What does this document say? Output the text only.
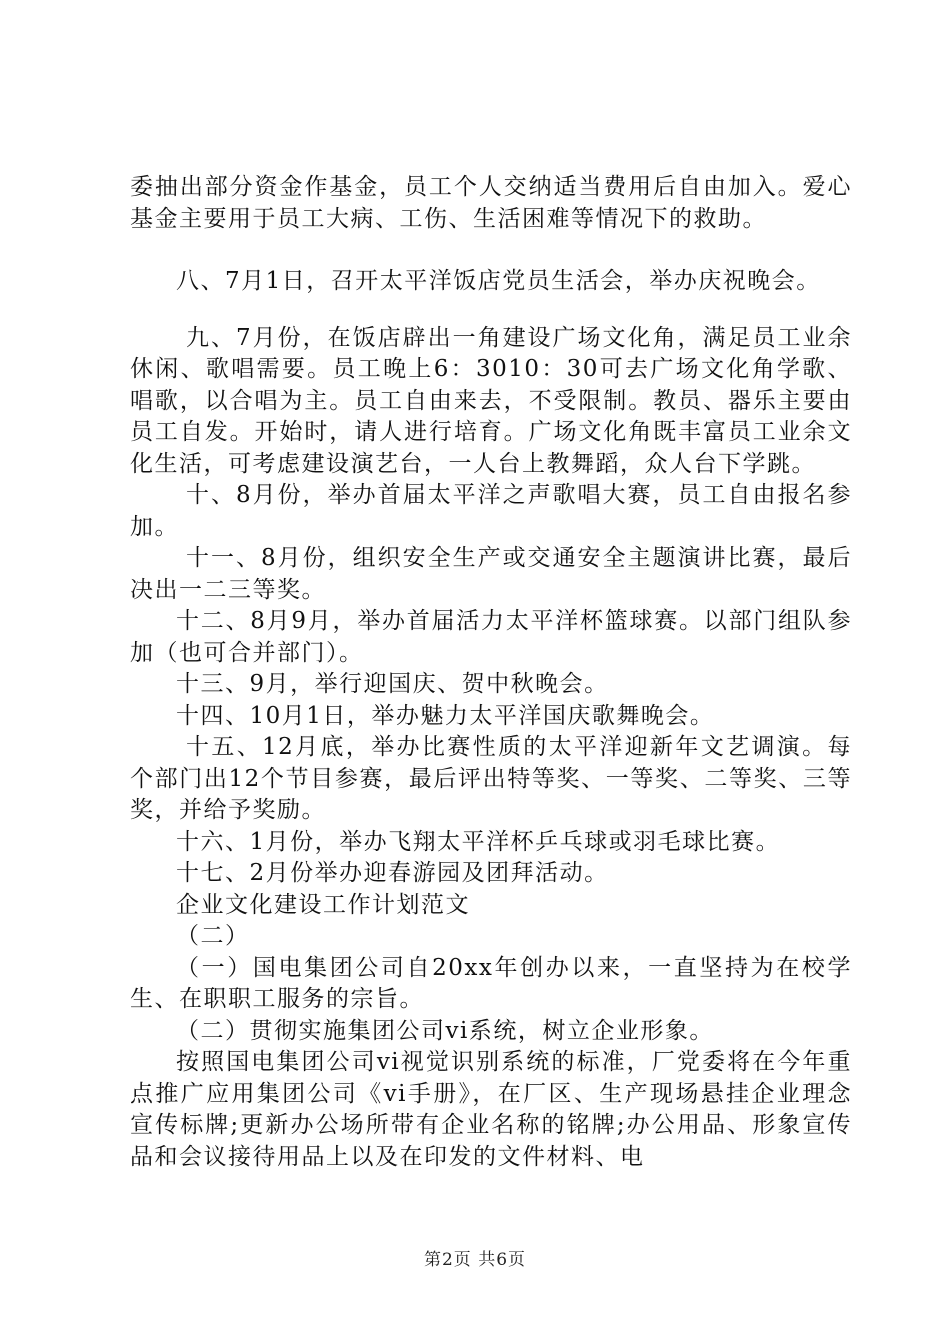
委抽出部分资金作基金，员工个人交纳适当费用后自由加入。爱心基金主要用于员工大病、工伤、生活困难等情况下的救助。

八、7月1日，召开太平洋饭店党员生活会，举办庆祝晚会。

九、7月份，在饭店辟出一角建设广场文化角，满足员工业余休闲、歌唱需要。员工晚上6：3010：30可去广场文化角学歌、唱歌，以合唱为主。员工自由来去，不受限制。教员、器乐主要由员工自发。开始时，请人进行培育。广场文化角既丰富员工业余文化生活，可考虑建设演艺台，一人台上教舞蹈，众人台下学跳。

十、8月份，举办首届太平洋之声歌唱大赛，员工自由报名参加。

十一、8月份，组织安全生产或交通安全主题演讲比赛，最后决出一二三等奖。

十二、8月9月，举办首届活力太平洋杯篮球赛。以部门组队参加（也可合并部门）。

十三、9月，举行迎国庆、贺中秋晚会。

十四、10月1日，举办魅力太平洋国庆歌舞晚会。

十五、12月底，举办比赛性质的太平洋迎新年文艺调演。每个部门出12个节目参赛，最后评出特等奖、一等奖、二等奖、三等奖，并给予奖励。

十六、1月份，举办飞翔太平洋杯乒乓球或羽毛球比赛。

十七、2月份举办迎春游园及团拜活动。

企业文化建设工作计划范文

（二）

（一）国电集团公司自20xx年创办以来，一直坚持为在校学生、在职职工服务的宗旨。

（二）贯彻实施集团公司vi系统，树立企业形象。

按照国电集团公司vi视觉识别系统的标准，厂党委将在今年重点推广应用集团公司《vi手册》，在厂区、生产现场悬挂企业理念宣传标牌;更新办公场所带有企业名称的铭牌;办公用品、形象宣传品和会议接待用品上以及在印发的文件材料、电

第2页 共6页
